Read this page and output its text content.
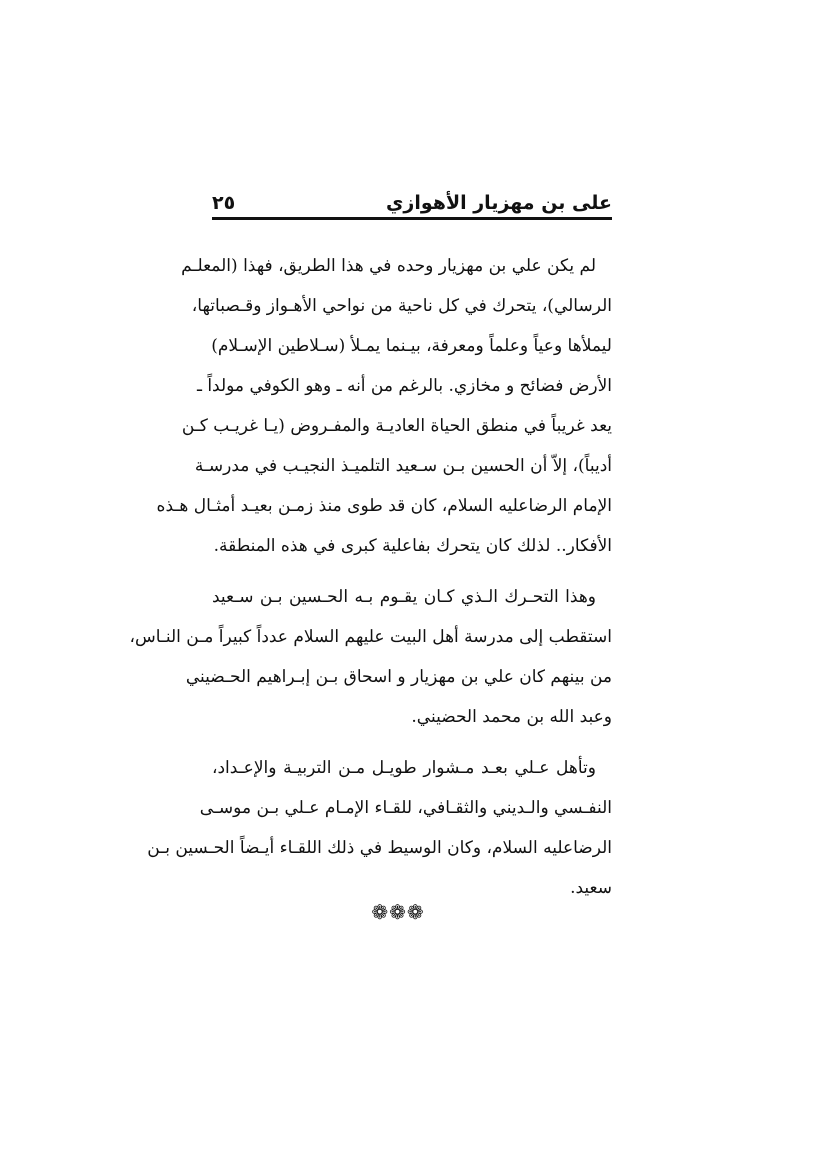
على بن مهزيار الأهوازي
٢٥

لم يكن علي بن مهزيار وحده في هذا الطريق، فهذا (المعلـم
الرسالي)، يتحرك في كل ناحية من نواحي الأهـواز وقـصباتها،
ليملأها وعياً وعلماً ومعرفة، بيـنما يمـلأ (سـلاطين الإسـلام)
الأرض فضائح و مخازي. بالرغم من أنه ـ وهو الكوفي مولداً ـ
يعد غريباً في منطق الحياة العاديـة والمفـروض (يـا غريـب كـن
أديباً)، إلاّ أن الحسين بـن سـعيد التلميـذ النجيـب في مدرسـة
الإمام الرضاعليه السلام، كان قد طوى منذ زمـن بعيـد أمثـال هـذه
الأفكار.. لذلك كان يتحرك بفاعلية كبرى في هذه المنطقة.

وهذا التحـرك الـذي كـان يقـوم بـه الحـسين بـن سـعيد
استقطب إلى مدرسة أهل البيت عليهم السلام عدداً كبيراً مـن النـاس،
من بينهم كان علي بن مهزيار و اسحاق بـن إبـراهيم الحـضيني
وعبد الله بن محمد الحضيني.

وتأهل عـلي بعـد مـشوار طويـل مـن التربيـة والإعـداد،
النفـسي والـديني والثقـافي، للقـاء الإمـام عـلي بـن موسـى
الرضاعليه السلام، وكان الوسيط في ذلك اللقـاء أيـضاً الحـسين بـن
سعيد.

❁❁❁
